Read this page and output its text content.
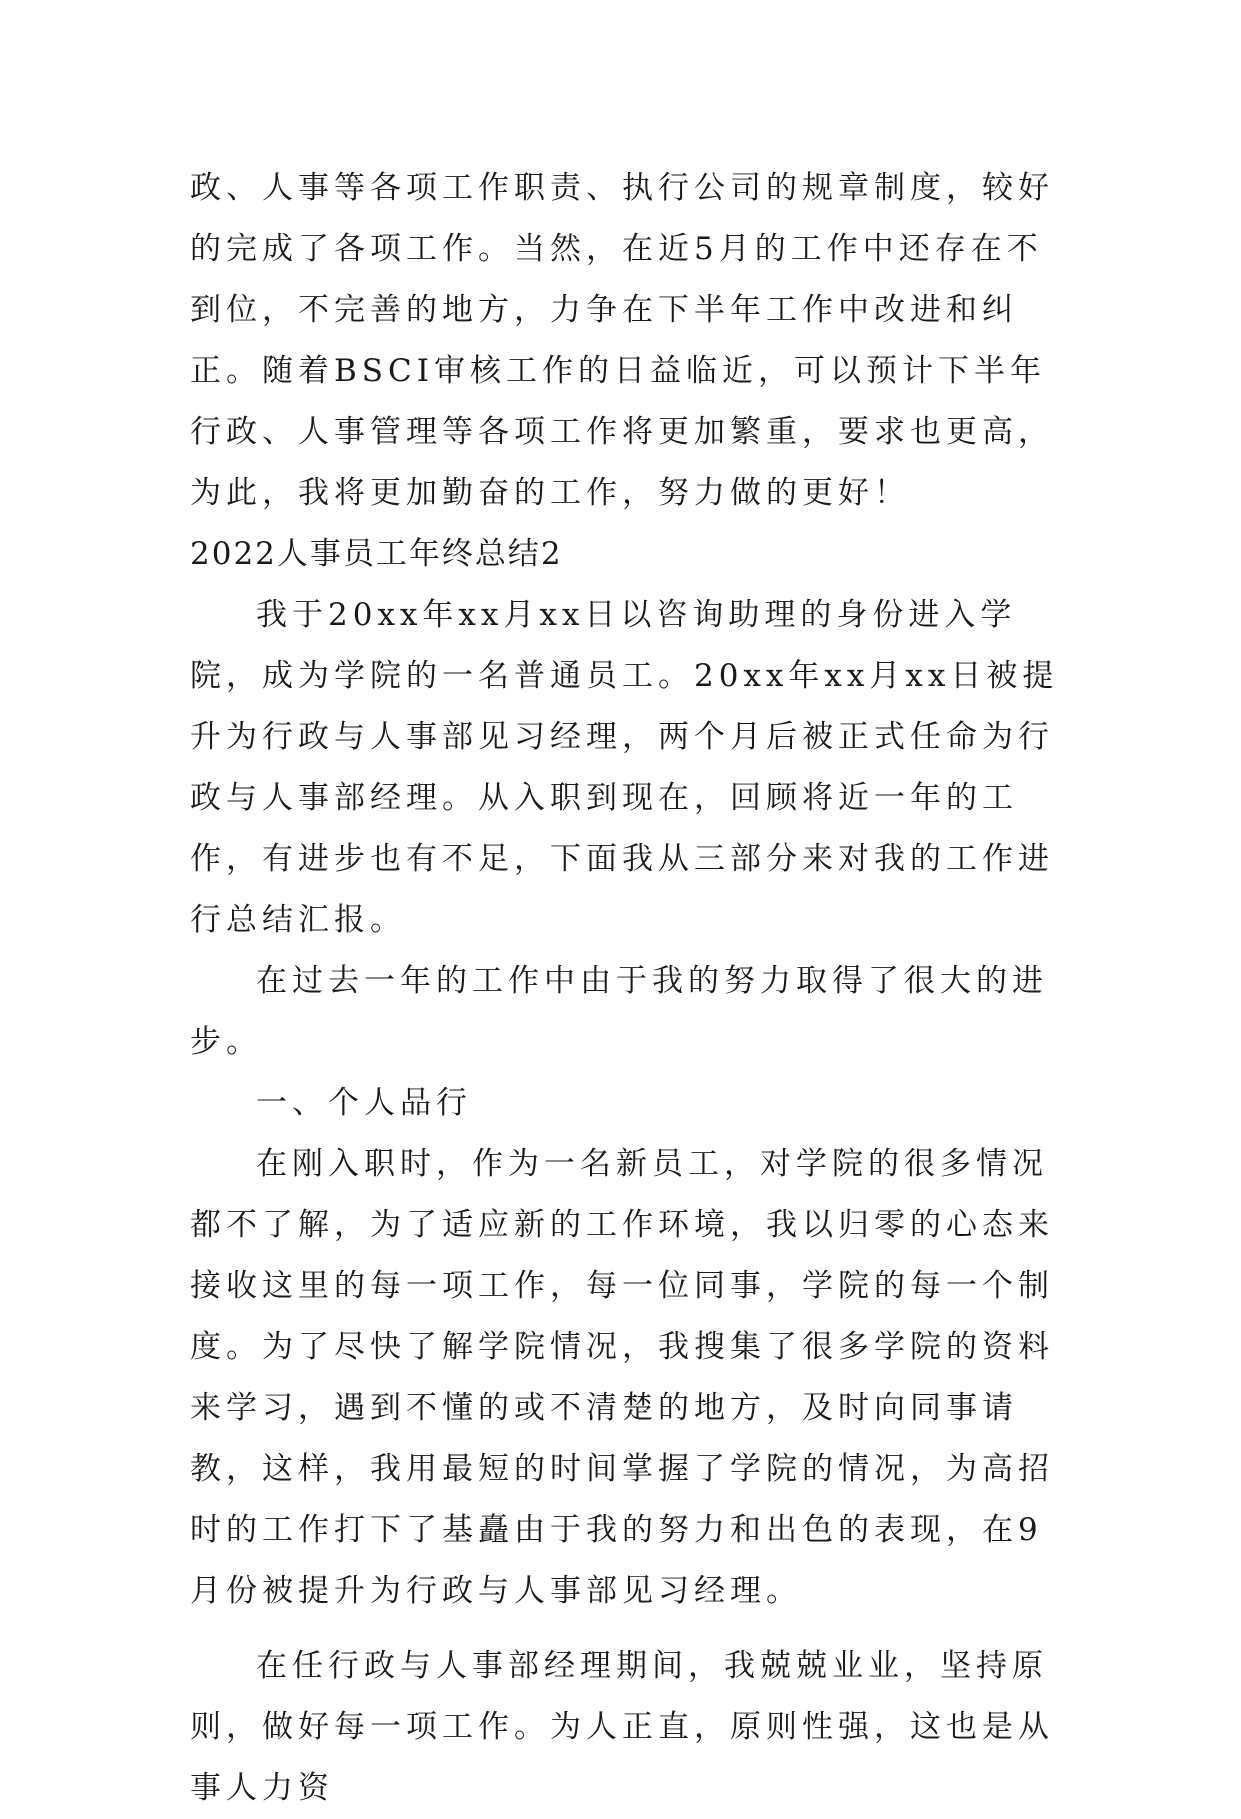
政、人事等各项工作职责、执行公司的规章制度，较好的完成了各项工作。当然，在近5月的工作中还存在不到位，不完善的地方，力争在下半年工作中改进和纠正。随着BSCI审核工作的日益临近，可以预计下半年行政、人事管理等各项工作将更加繁重，要求也更高，为此，我将更加勤奋的工作，努力做的更好！

2022人事员工年终总结2

我于20xx年xx月xx日以咨询助理的身份进入学院，成为学院的一名普通员工。20xx年xx月xx日被提升为行政与人事部见习经理，两个月后被正式任命为行政与人事部经理。从入职到现在，回顾将近一年的工作，有进步也有不足，下面我从三部分来对我的工作进行总结汇报。

在过去一年的工作中由于我的努力取得了很大的进步。

一、个人品行

在刚入职时，作为一名新员工，对学院的很多情况都不了解，为了适应新的工作环境，我以归零的心态来接收这里的每一项工作，每一位同事，学院的每一个制度。为了尽快了解学院情况，我搜集了很多学院的资料来学习，遇到不懂的或不清楚的地方，及时向同事请教，这样，我用最短的时间掌握了学院的情况，为高招时的工作打下了基矗由于我的努力和出色的表现，在9月份被提升为行政与人事部见习经理。

在任行政与人事部经理期间，我兢兢业业，坚持原则，做好每一项工作。为人正直，原则性强，这也是从事人力资
